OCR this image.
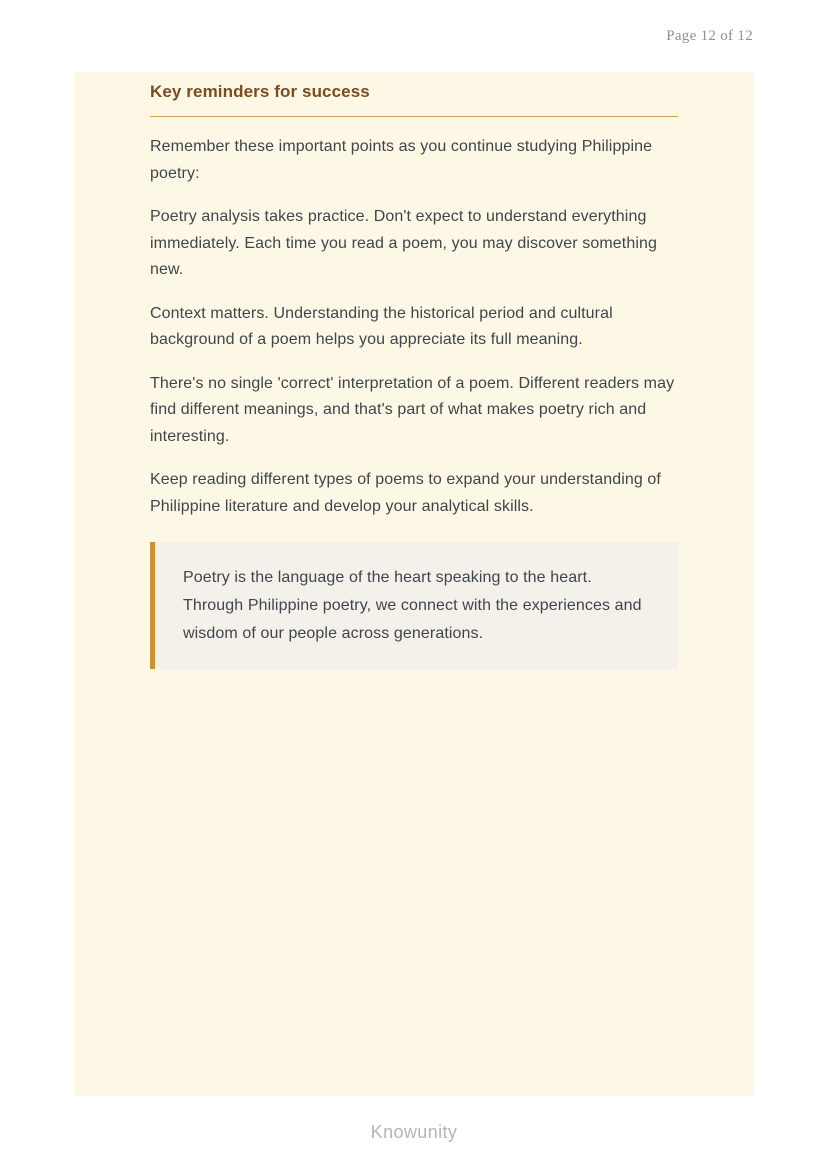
Page 12 of 12
Key reminders for success

Remember these important points as you continue studying Philippine poetry:

Poetry analysis takes practice. Don't expect to understand everything immediately. Each time you read a poem, you may discover something new.

Context matters. Understanding the historical period and cultural background of a poem helps you appreciate its full meaning.

There's no single 'correct' interpretation of a poem. Different readers may find different meanings, and that's part of what makes poetry rich and interesting.

Keep reading different types of poems to expand your understanding of Philippine literature and develop your analytical skills.

Poetry is the language of the heart speaking to the heart. Through Philippine poetry, we connect with the experiences and wisdom of our people across generations.

Knowunity
